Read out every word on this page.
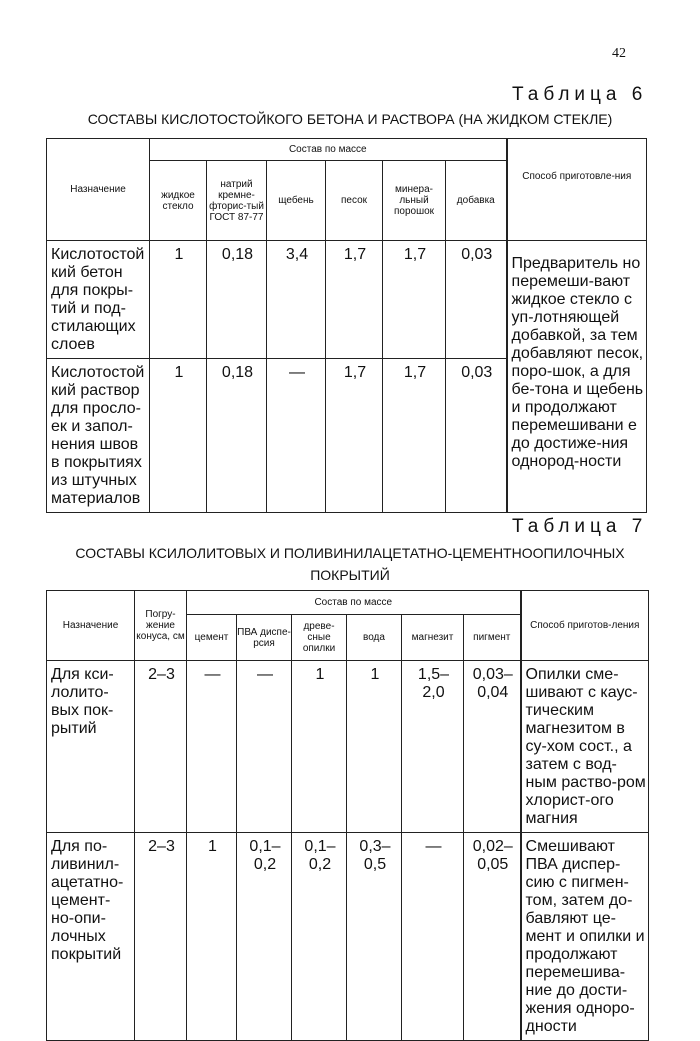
42
Таблица 6
СОСТАВЫ КИСЛОТОСТОЙКОГО БЕТОНА И РАСТВОРА (НА ЖИДКОМ СТЕКЛЕ)
Назначение	Состав по массе						Способ приготовле-ния
	жидкое стекло	натрий кремне-фторис-тый ГОСТ 87-77	щебень	песок	минера-льный порошок	добавка	
Кислотостой кий бетон для покры-тий и под-стилающих слоев	1	0,18	3,4	1,7	1,7	0,03	Предваритель но перемеши-вают жидкое стекло с уп-лотняющей добавкой, за тем добавляют песок, поро-шок, а для бе-тона и щебень и продолжают перемешивани е до достиже-ния однород-ности
Кислотостой кий раствор для просло-ек и запол-нения швов в покрытиях из штучных материалов	1	0,18	—	1,7	1,7	0,03	
Таблица 7
СОСТАВЫ КСИЛОЛИТОВЫХ И ПОЛИВИНИЛАЦЕТАТНО-ЦЕМЕНТНООПИЛОЧНЫХ
ПОКРЫТИЙ
Назначение	Погру-жение конуса, см	Состав по массе						Способ приготов-ления
		цемент	ПВА диспе-рсия	древе-сные опилки	вода	магнезит	пигмент	
Для кси-лолито-вых пок-рытий	2–3	—	—	1	1	1,5– 2,0	0,03– 0,04	Опилки сме-шивают с каус-тическим магнезитом в су-хом сост., а затем с вод-ным раство-ром хлорист-ого магния
Для по-ливинил-ацетатно-цемент-но-опи-лочных покрытий	2–3	1	0,1– 0,2	0,1– 0,2	0,3– 0,5	—	0,02– 0,05	Смешивают ПВА диспер-сию с пигмен-том, затем до-бавляют це-мент и опилки и продолжают перемешива-ние до дости-жения однoро-дности
